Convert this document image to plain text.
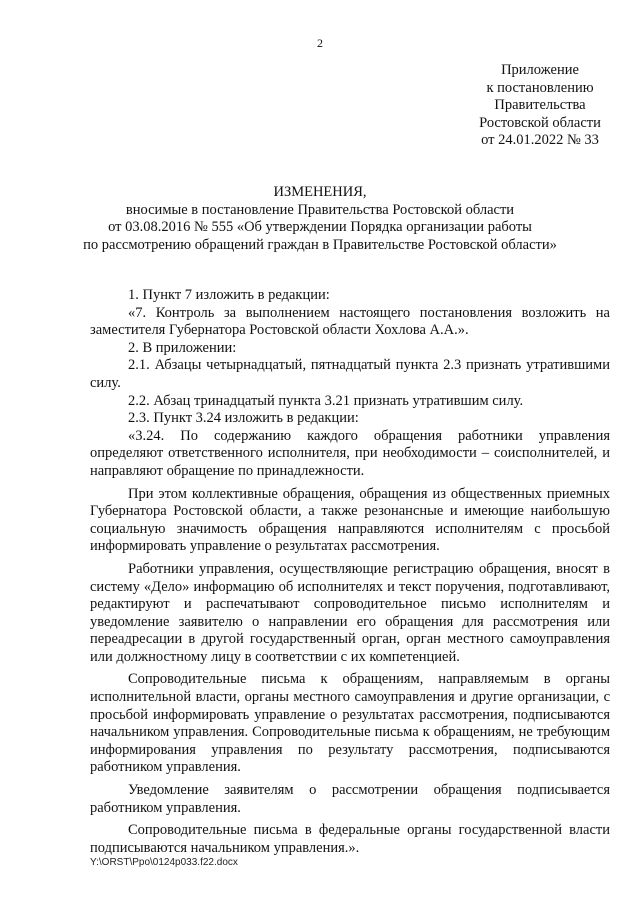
2
Приложение
к постановлению
Правительства
Ростовской области
от 24.01.2022 № 33
ИЗМЕНЕНИЯ,
вносимые в постановление Правительства Ростовской области
от 03.08.2016 № 555 «Об утверждении Порядка организации работы
по рассмотрению обращений граждан в Правительстве Ростовской области»

1. Пункт 7 изложить в редакции:

«7. Контроль за выполнением настоящего постановления возложить на заместителя Губернатора Ростовской области Хохлова А.А.».

2. В приложении:

2.1. Абзацы четырнадцатый, пятнадцатый пункта 2.3 признать утратившими силу.

2.2. Абзац тринадцатый пункта 3.21 признать утратившим силу.

2.3. Пункт 3.24 изложить в редакции:

«3.24. По содержанию каждого обращения работники управления определяют ответственного исполнителя, при необходимости – соисполнителей, и направляют обращение по принадлежности.

При этом коллективные обращения, обращения из общественных приемных Губернатора Ростовской области, а также резонансные и имеющие наибольшую социальную значимость обращения направляются исполнителям с просьбой информировать управление о результатах рассмотрения.

Работники управления, осуществляющие регистрацию обращения, вносят в систему «Дело» информацию об исполнителях и текст поручения, подготавливают, редактируют и распечатывают сопроводительное письмо исполнителям и уведомление заявителю о направлении его обращения для рассмотрения или переадресации в другой государственный орган, орган местного самоуправления или должностному лицу в соответствии с их компетенцией.

Сопроводительные письма к обращениям, направляемым в органы исполнительной власти, органы местного самоуправления и другие организации, с просьбой информировать управление о результатах рассмотрения, подписываются начальником управления. Сопроводительные письма к обращениям, не требующим информирования управления по результату рассмотрения, подписываются работником управления.

Уведомление заявителям о рассмотрении обращения подписывается работником управления.

Сопроводительные письма в федеральные органы государственной власти подписываются начальником управления.».

Y:\ORST\Ppo\0124p033.f22.docx
